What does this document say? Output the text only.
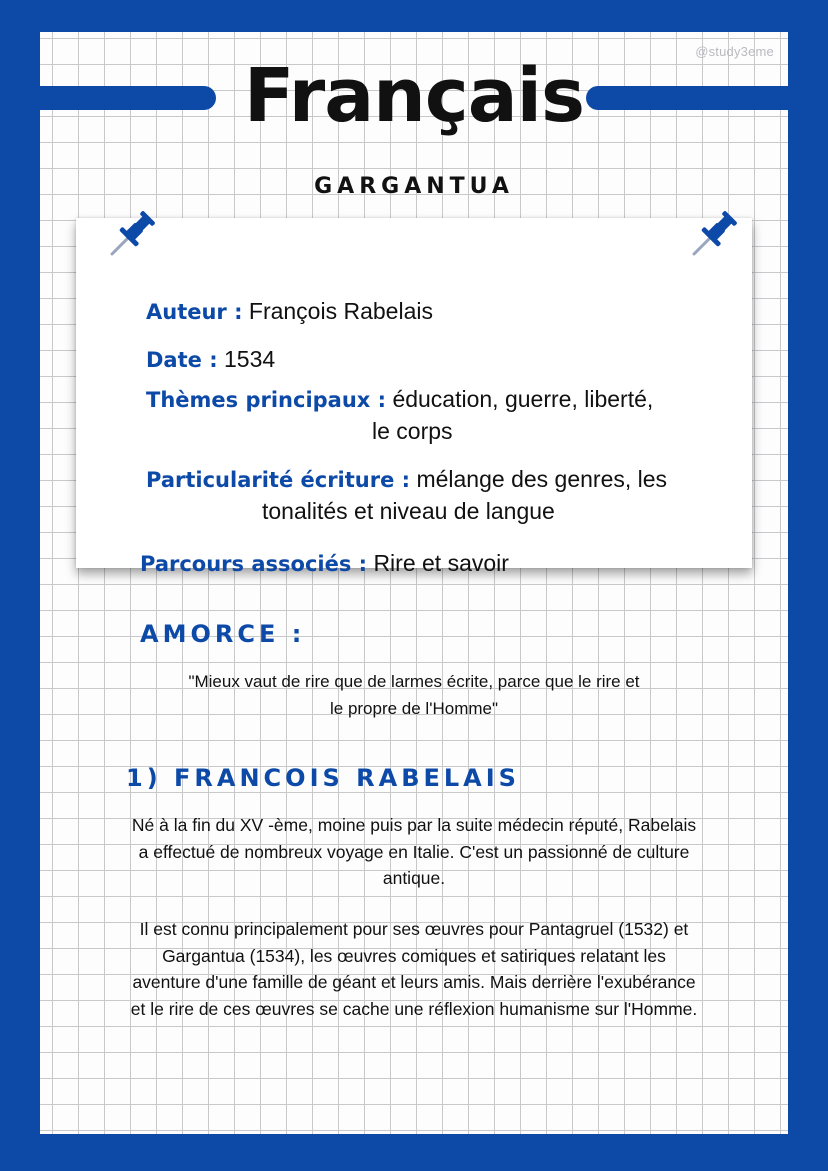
@study3eme
Français
GARGANTUA
Auteur : François Rabelais
Date : 1534
Thèmes principaux : éducation, guerre, liberté,
le corps
Particularité écriture : mélange des genres, les
tonalités et niveau de langue
Parcours associés : Rire et savoir
AMORCE :
"Mieux vaut de rire que de larmes écrite, parce que le rire et
le propre de l'Homme"
1) FRANCOIS RABELAIS
Né à la fin du XV -ème, moine puis par la suite médecin réputé, Rabelais
a effectué de nombreux voyage en Italie. C'est un passionné de culture
antique.
Il est connu principalement pour ses œuvres pour Pantagruel (1532) et
Gargantua (1534), les œuvres comiques et satiriques relatant les
aventure d'une famille de géant et leurs amis. Mais derrière l'exubérance
et le rire de ces œuvres se cache une réflexion humanisme sur l'Homme.
